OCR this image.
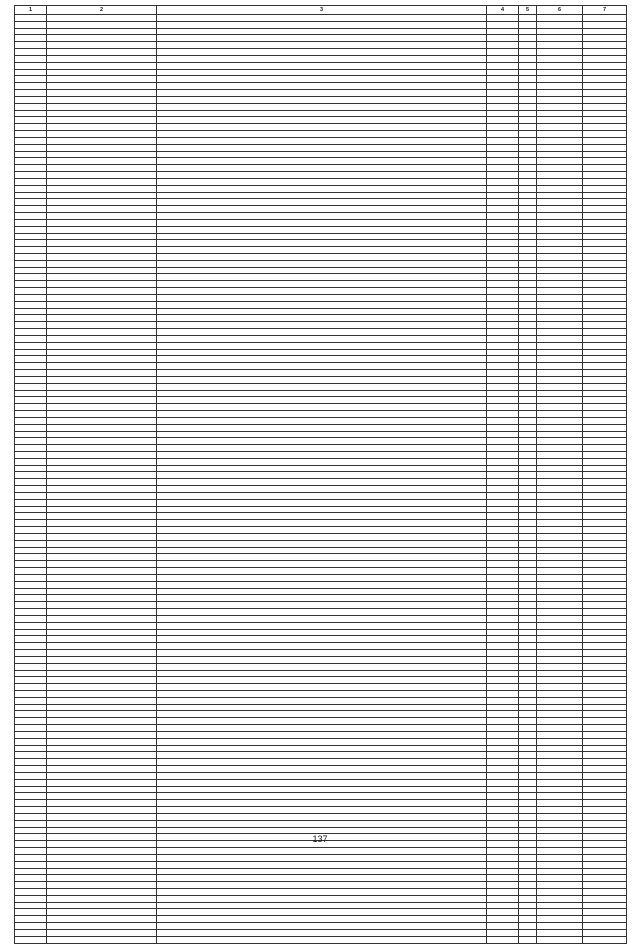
1	2	3	4	5	6	7

137
